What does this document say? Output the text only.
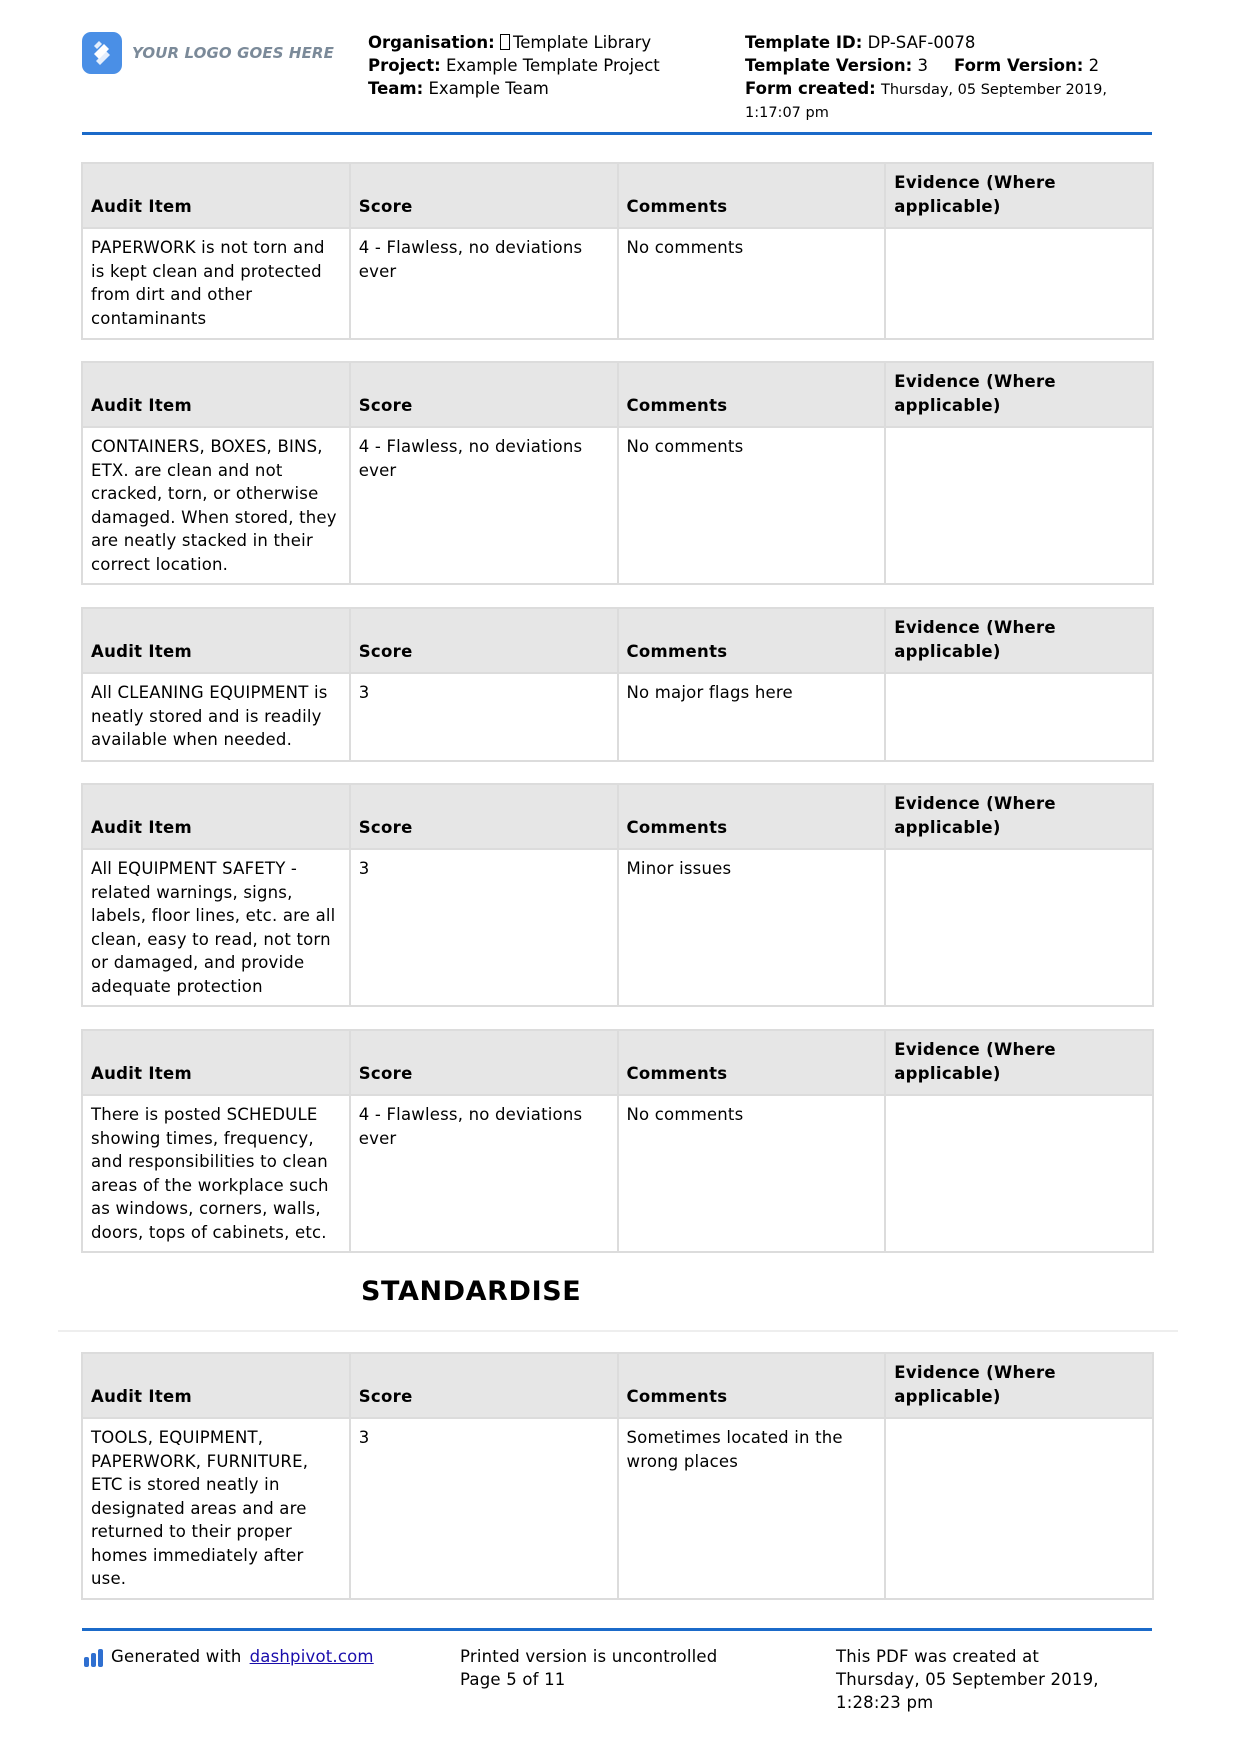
YOUR LOGO GOES HERE
Organisation: Template Library
Project: Example Template Project
Team: Example Team
Template ID: DP-SAF-0078
Template Version: 3 Form Version: 2
Form created: Thursday, 05 September 2019,
1:17:07 pm
Audit Item	Score	Comments	Evidence (Where applicable)
PAPERWORK is not torn and is kept clean and protected from dirt and other contaminants	4 - Flawless, no deviations ever	No comments	
Audit Item	Score	Comments	Evidence (Where applicable)
CONTAINERS, BOXES, BINS, ETX. are clean and not cracked, torn, or otherwise damaged. When stored, they are neatly stacked in their correct location.	4 - Flawless, no deviations ever	No comments	
Audit Item	Score	Comments	Evidence (Where applicable)
All CLEANING EQUIPMENT is neatly stored and is readily available when needed.	3	No major flags here	
Audit Item	Score	Comments	Evidence (Where applicable)
All EQUIPMENT SAFETY - related warnings, signs, labels, floor lines, etc. are all clean, easy to read, not torn or damaged, and provide adequate protection	3	Minor issues	
Audit Item	Score	Comments	Evidence (Where applicable)
There is posted SCHEDULE showing times, frequency, and responsibilities to clean areas of the workplace such as windows, corners, walls, doors, tops of cabinets, etc.	4 - Flawless, no deviations ever	No comments	
STANDARDISE
Audit Item	Score	Comments	Evidence (Where applicable)
TOOLS, EQUIPMENT, PAPERWORK, FURNITURE, ETC is stored neatly in designated areas and are returned to their proper homes immediately after use.	3	Sometimes located in the wrong places	
Generated with dashpivot.com	Printed version is uncontrolled
Page 5 of 11
This PDF was created at
Thursday, 05 September 2019,
1:28:23 pm
